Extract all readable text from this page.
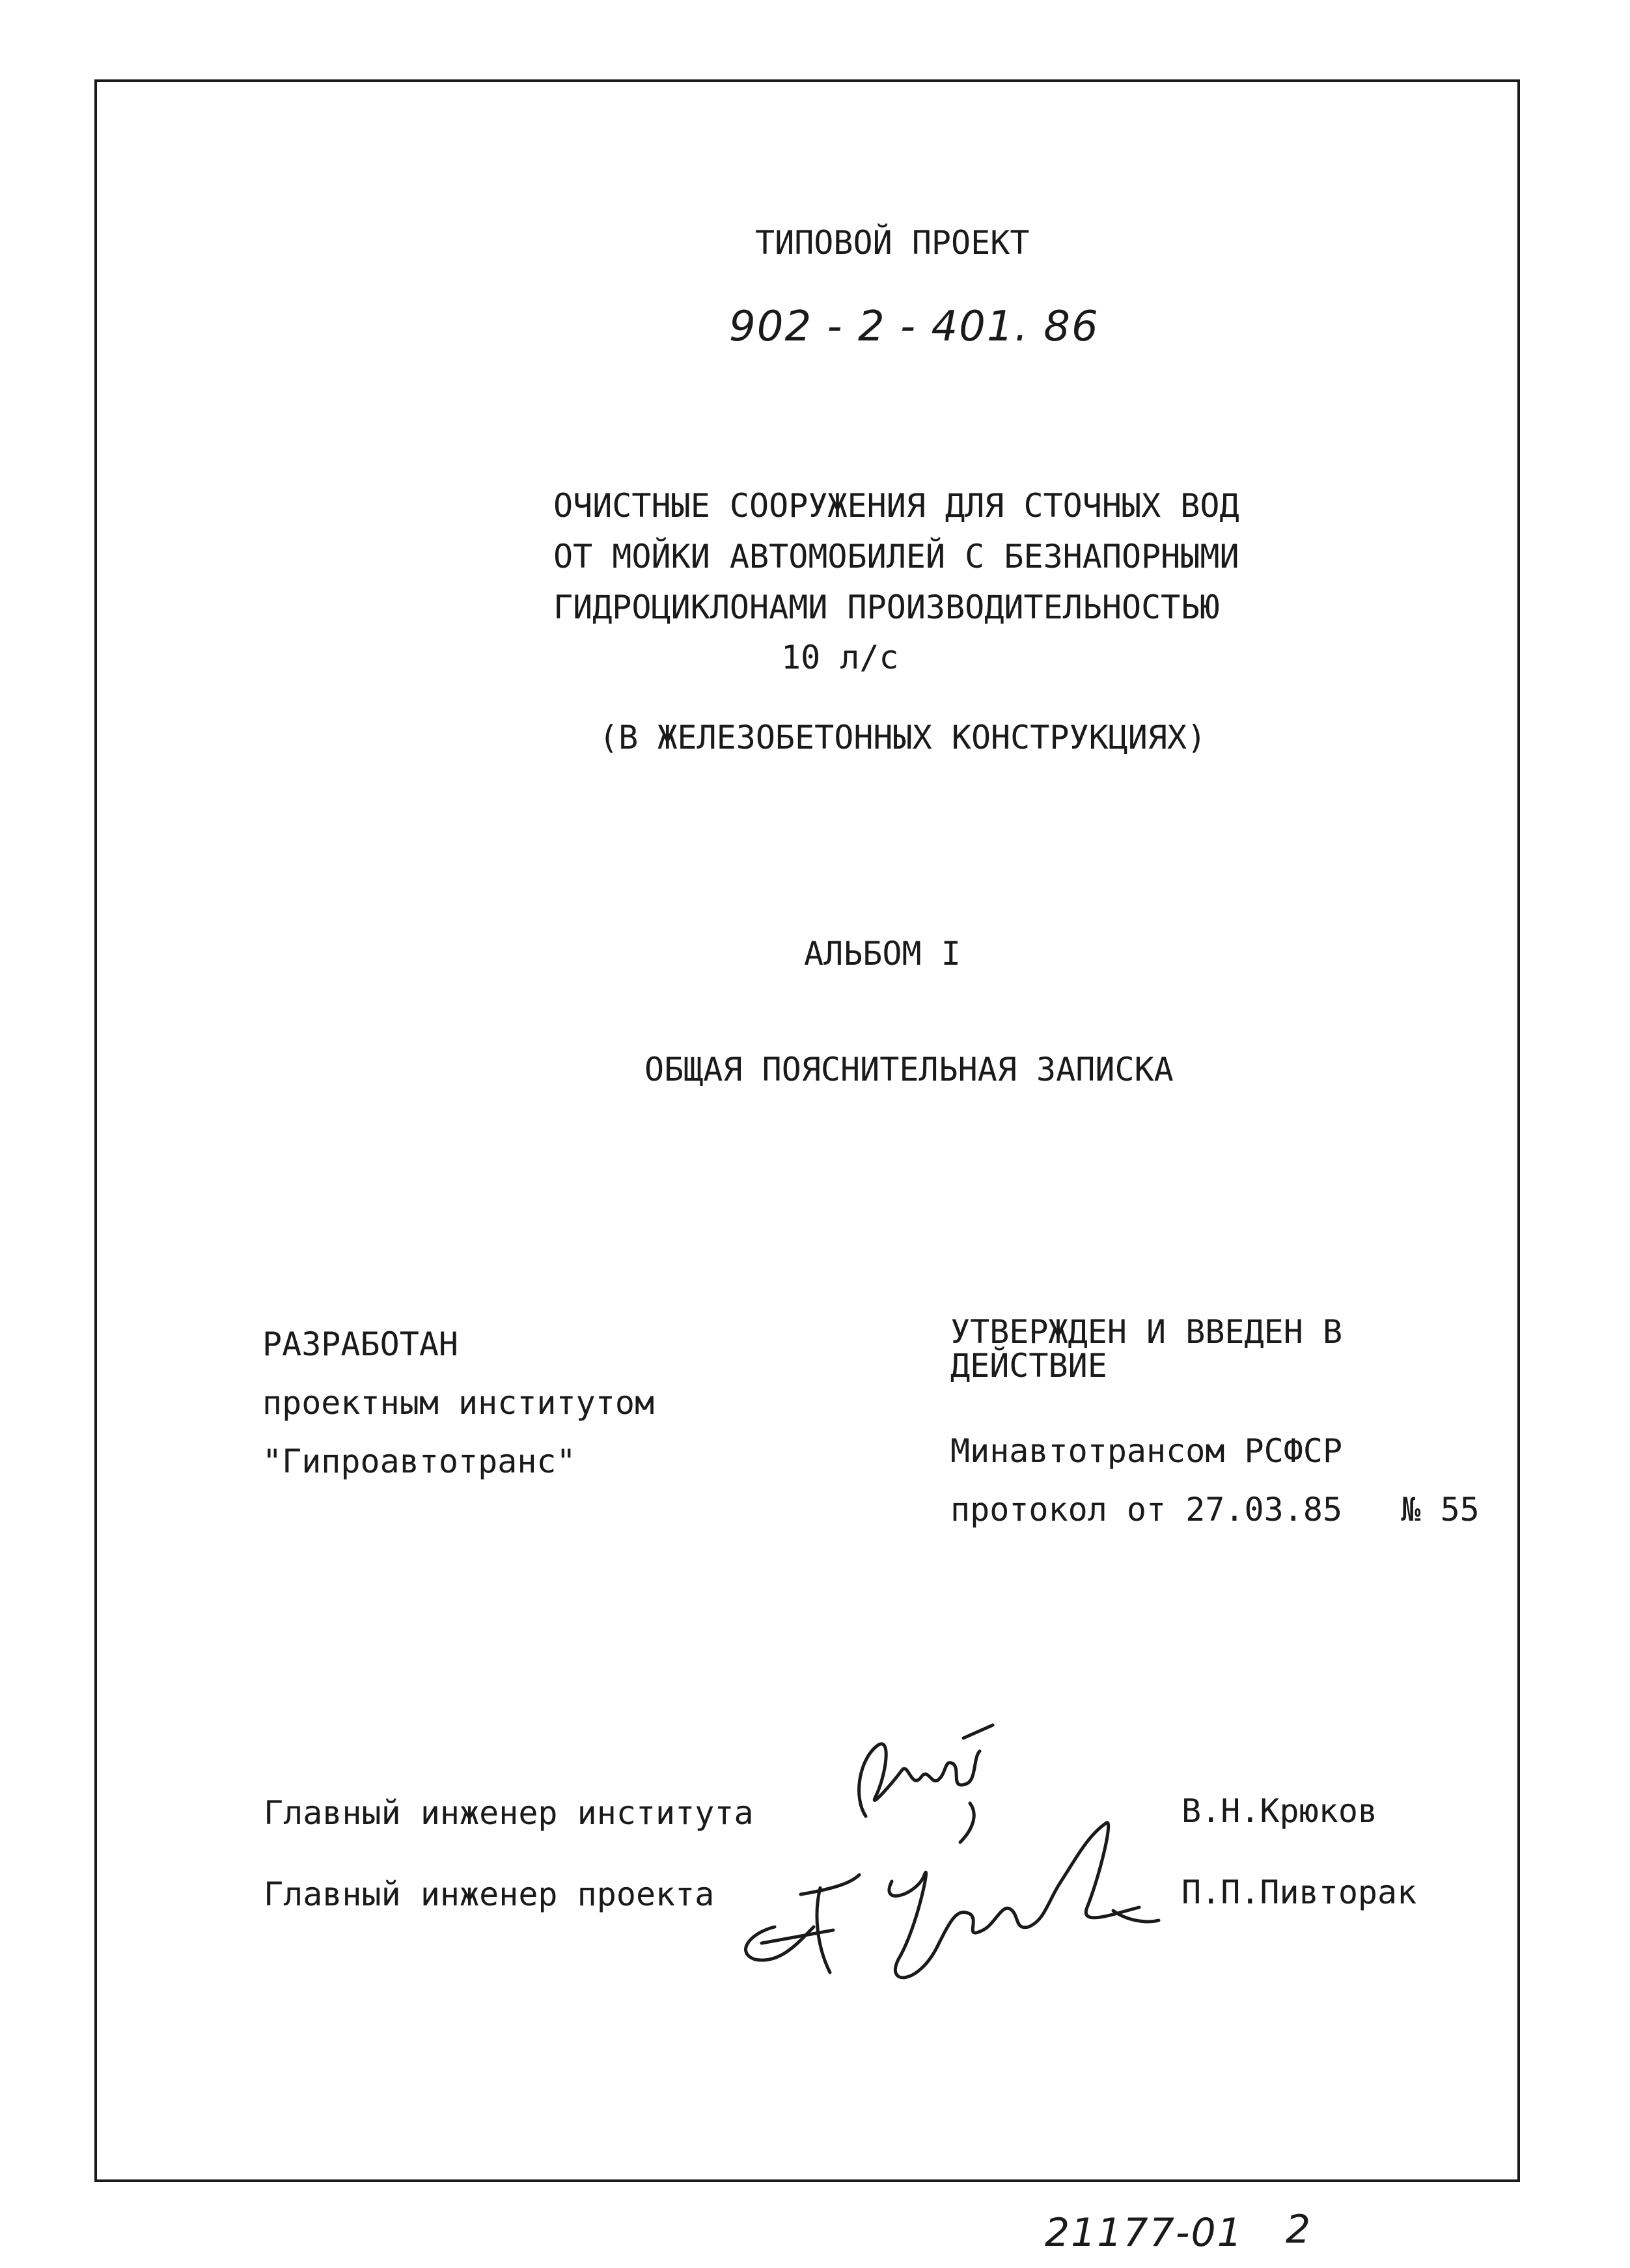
ТИПОВОЙ ПРОЕКТ
902 - 2 - 401. 86
ОЧИСТНЫЕ СООРУЖЕНИЯ ДЛЯ СТОЧНЫХ ВОД
ОТ МОЙКИ АВТОМОБИЛЕЙ С БЕЗНАПОРНЫМИ
ГИДРОЦИКЛОНАМИ ПРОИЗВОДИТЕЛЬНОСТЬЮ
10 л/с
(В ЖЕЛЕЗОБЕТОННЫХ КОНСТРУКЦИЯХ)
АЛЬБОМ I
ОБЩАЯ ПОЯСНИТЕЛЬНАЯ ЗАПИСКА
РАЗРАБОТАН
проектным институтом
"Гипроавтотранс"
УТВЕРЖДЕН И ВВЕДЕН В
ДЕЙСТВИЕ
Минавтотрансом РСФСР
протокол от 27.03.85 № 55
Главный инженер института	В.Н.Крюков
Главный инженер проекта	П.П.Пивторак
21177-01 2
